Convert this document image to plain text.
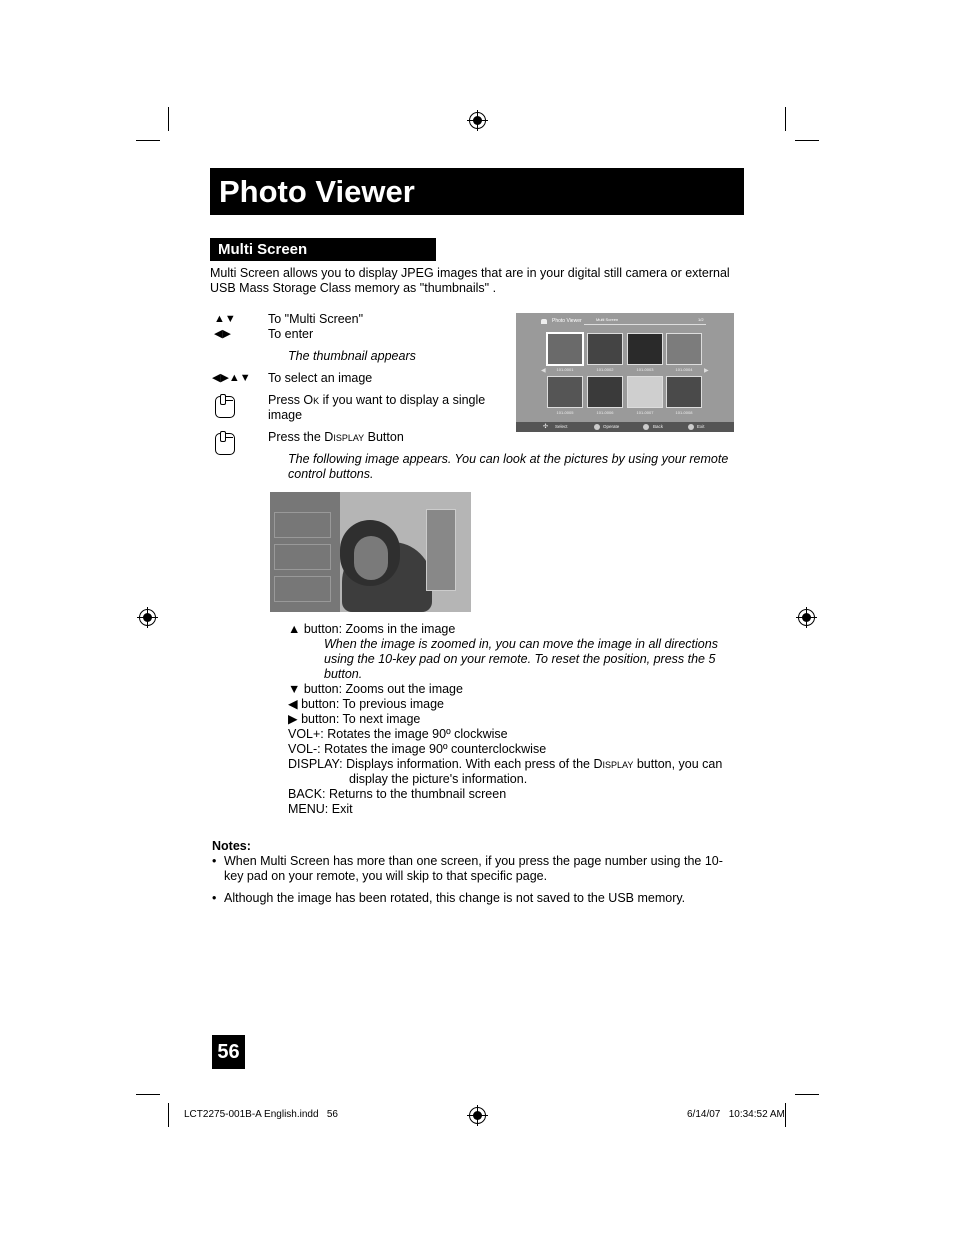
Photo Viewer
Multi Screen
Multi Screen allows you to display JPEG images that are in your digital still camera or external USB Mass Storage Class memory as "thumbnails" .
▲▼	To "Multi Screen"
◀▶	To enter
The thumbnail appears
◀▶▲▼ To select an image
Press Ok if you want to display a single image
Press the Display Button
The following image appears. You can look at the pictures by using your remote control buttons.
Photo Viewer	Multi Screen	1/2
◀	▶
101-0001	101-0002	101-0003	101-0004
101-0005	101-0006	101-0007	101-0008
✣ Select	Operate	Back	Exit
▲ button: Zooms in the image
When the image is zoomed in, you can move the image in all directions using the 10-key pad on your remote. To reset the position, press the 5 button.
▼ button: Zooms out the image
◀ button: To previous image
▶ button: To next image
VOL+: Rotates the image 90º clockwise
VOL-: Rotates the image 90º counterclockwise
DISPLAY: Displays information. With each press of the Display button, you can
display the picture's information.
BACK: Returns to the thumbnail screen
MENU: Exit
Notes:
• When Multi Screen has more than one screen, if you press the page number using the 10-key pad on your remote, you will skip to that specific page.
• Although the image has been rotated, this change is not saved to the USB memory.
56
LCT2275-001B-A English.indd   56	6/14/07   10:34:52 AM
